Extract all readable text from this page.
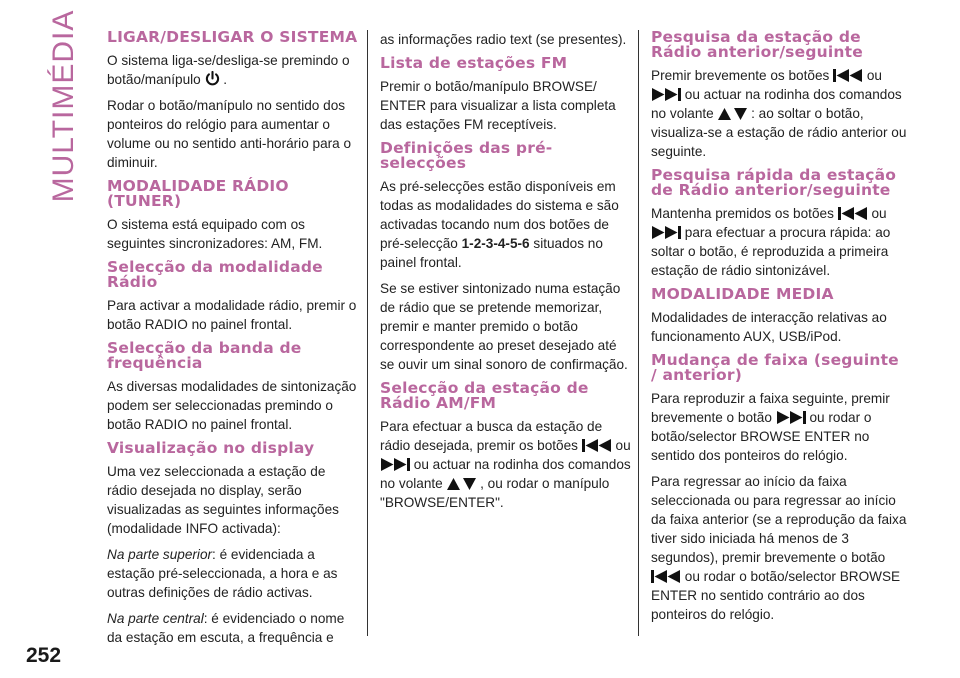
MULTIMÉDIA
252
LIGAR/DESLIGAR O SISTEMA

O sistema liga-se/desliga-se premindo o botão/manípulo .

Rodar o botão/manípulo no sentido dos ponteiros do relógio para aumentar o volume ou no sentido anti-horário para o diminuir.

MODALIDADE RÁDIO (TUNER)

O sistema está equipado com os seguintes sincronizadores: AM, FM.

Selecção da modalidade Rádio

Para activar a modalidade rádio, premir o botão RADIO no painel frontal.

Selecção da banda de frequência

As diversas modalidades de sintonização podem ser seleccionadas premindo o botão RADIO no painel frontal.

Visualização no display

Uma vez seleccionada a estação de rádio desejada no display, serão visualizadas as seguintes informações (modalidade INFO activada):

Na parte superior: é evidenciada a estação pré-seleccionada, a hora e as outras definições de rádio activas.

Na parte central: é evidenciado o nome da estação em escuta, a frequência e

as informações radio text (se presentes).

Lista de estações FM

Premir o botão/manípulo BROWSE/ ENTER para visualizar a lista completa das estações FM receptíveis.

Definições das pré-selecções

As pré-selecções estão disponíveis em todas as modalidades do sistema e são activadas tocando num dos botões de pré-selecção 1-2-3-4-5-6 situados no painel frontal.

Se se estiver sintonizado numa estação de rádio que se pretende memorizar, premir e manter premido o botão correspondente ao preset desejado até se ouvir um sinal sonoro de confirmação.

Selecção da estação de Rádio AM/FM

Para efectuar a busca da estação de rádio desejada, premir os botões	ou  ou actuar na rodinha dos comandos no volante	, ou rodar o manípulo "BROWSE/ENTER".

Pesquisa da estação de Rádio anterior/seguinte

Premir brevemente os botões	ou  ou actuar na rodinha dos comandos no volante	: ao soltar o botão, visualiza-se a estação de rádio anterior ou seguinte.

Pesquisa rápida da estação de Rádio anterior/seguinte

Mantenha premidos os botões	ou  para efectuar a procura rápida: ao soltar o botão, é reproduzida a primeira estação de rádio sintonizável.

MODALIDADE MEDIA

Modalidades de interacção relativas ao funcionamento AUX, USB/iPod.

Mudança de faixa (seguinte / anterior)

Para reproduzir a faixa seguinte, premir brevemente o botão	ou rodar o botão/selector BROWSE ENTER no sentido dos ponteiros do relógio.

Para regressar ao início da faixa seleccionada ou para regressar ao início da faixa anterior (se a reprodução da faixa tiver sido iniciada há menos de 3 segundos), premir brevemente o botão  ou rodar o botão/selector BROWSE ENTER no sentido contrário ao dos ponteiros do relógio.
